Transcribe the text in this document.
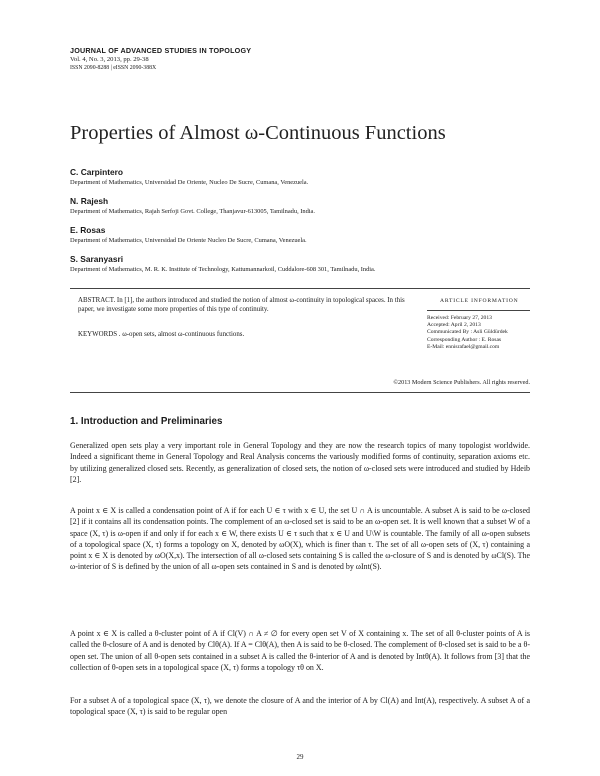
JOURNAL OF ADVANCED STUDIES IN TOPOLOGY
Vol. 4, No. 3, 2013, pp. 29-38
ISSN 2090-8288 | eISSN 2090-388X
Properties of Almost ω-Continuous Functions
C. Carpintero
Department of Mathematics, Universidad De Oriente, Nucleo De Sucre, Cumana, Venezuela.
N. Rajesh
Department of Mathematics, Rajah Serfoji Govt. College, Thanjavur-613005, Tamilnadu, India.
E. Rosas
Department of Mathematics, Universidad De Oriente Nucleo De Sucre, Cumana, Venezuela.
S. Saranyasri
Department of Mathematics, M. R. K. Institute of Technology, Kattumannarkoil, Cuddalore-608 301, Tamilnadu, India.
ABSTRACT. In [1], the authors introduced and studied the notion of almost ω-continuity in topological spaces. In this paper, we investigate some more properties of this type of continuity.
KEYWORDS . ω-open sets, almost ω-continuous functions.
ARTICLE INFORMATION
Received: February 27, 2013
Accepted: April 2, 2013
Communicated By : Asli Güldürdek
Corresponding Author : E. Rosas
E-Mail: ennisrafael@gmail.com
©2013 Modern Science Publishers. All rights reserved.
1. Introduction and Preliminaries

Generalized open sets play a very important role in General Topology and they are now the research topics of many topologist worldwide. Indeed a significant theme in General Topology and Real Analysis concerns the variously modified forms of continuity, separation axioms etc. by utilizing generalized closed sets. Recently, as generalization of closed sets, the notion of ω-closed sets were introduced and studied by Hdeib [2].

A point x ∈ X is called a condensation point of A if for each U ∈ τ with x ∈ U, the set U ∩ A is uncountable. A subset A is said to be ω-closed [2] if it contains all its condensation points. The complement of an ω-closed set is said to be an ω-open set. It is well known that a subset W of a space (X, τ) is ω-open if and only if for each x ∈ W, there exists U ∈ τ such that x ∈ U and U\W is countable. The family of all ω-open subsets of a topological space (X, τ) forms a topology on X, denoted by ωO(X), which is finer than τ. The set of all ω-open sets of (X, τ) containing a point x ∈ X is denoted by ωO(X,x). The intersection of all ω-closed sets containing S is called the ω-closure of S and is denoted by ωCl(S). The ω-interior of S is defined by the union of all ω-open sets contained in S and is denoted by ωInt(S).

A point x ∈ X is called a θ-cluster point of A if Cl(V) ∩ A ≠ ∅ for every open set V of X containing x. The set of all θ-cluster points of A is called the θ-closure of A and is denoted by Clθ(A). If A = Clθ(A), then A is said to be θ-closed. The complement of θ-closed set is said to be a θ-open set. The union of all θ-open sets contained in a subset A is called the θ-interior of A and is denoted by Intθ(A). It follows from [3] that the collection of θ-open sets in a topological space (X, τ) forms a topology τθ on X.

For a subset A of a topological space (X, τ), we denote the closure of A and the interior of A by Cl(A) and Int(A), respectively. A subset A of a topological space (X, τ) is said to be regular open

29
